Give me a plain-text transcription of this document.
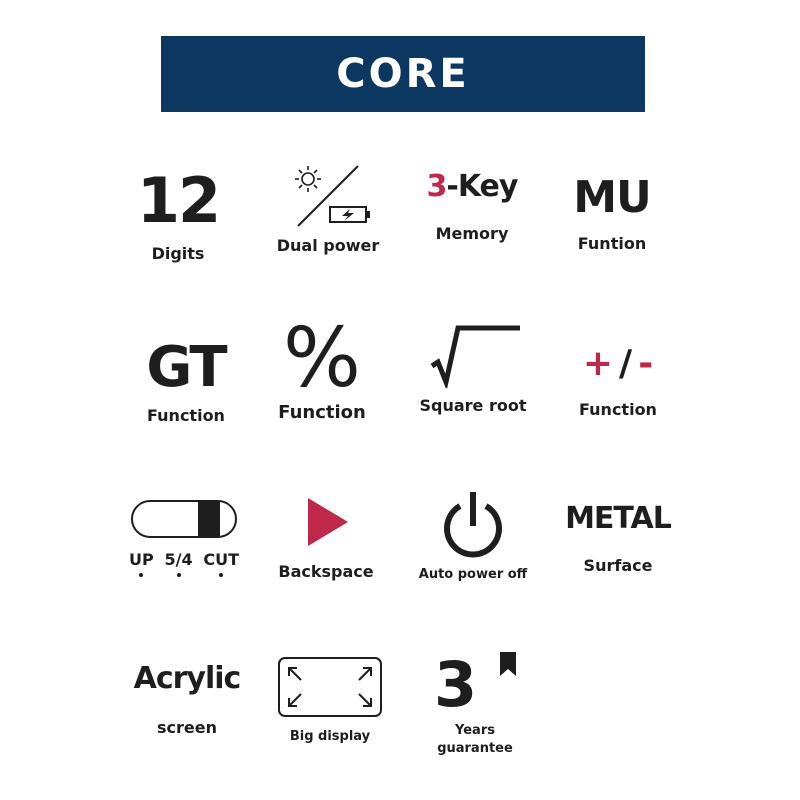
CORE
12
Digits	Dual power
3-Key
Memory
MU
Funtion
GT
Function
%
Function	Square root
+ / -
Function
UP 5/4 CUT
Backspace	Auto power off
METAL
Surface
Acrylic
screen	Big display
3
Years
guarantee
